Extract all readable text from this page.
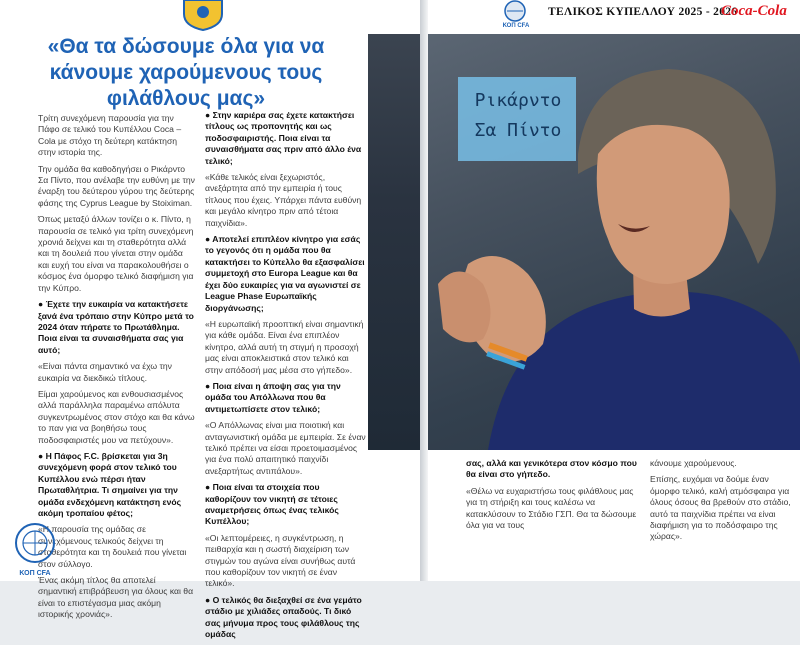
«Θα τα δώσουμε όλα για να κάνουμε χαρούμενους τους φιλάθλους μας»

Τρίτη συνεχόμενη παρουσία για την Πάφο σε τελικό του Κυπέλλου Coca – Cola με στόχο τη δεύτερη κατάκτηση στην ιστορία της.

Την ομάδα θα καθοδηγήσει ο Ρικάρντο Σα Πίντο, που ανέλαβε την ευθύνη με την έναρξη του δεύτερου γύρου της δεύτερης φάσης της Cyprus League by Stoiximan.

Όπως μεταξύ άλλων τονίζει ο κ. Πίντο, η παρουσία σε τελικό για τρίτη συνεχόμενη χρονιά δείχνει και τη σταθερότητα αλλά και τη δουλειά που γίνεται στην ομάδα και ευχή του είναι να παρακολουθήσει ο κόσμος ένα όμορφο τελικό διαφήμιση για την Κύπρο.

● Έχετε την ευκαιρία να κατακτήσετε ξανά ένα τρόπαιο στην Κύπρο μετά το 2024 όταν πήρατε το Πρωτάθλημα. Ποια είναι τα συναισθήματα σας για αυτό;

«Είναι πάντα σημαντικό να έχω την ευκαιρία να διεκδικώ τίτλους.

Είμαι χαρούμενος και ενθουσιασμένος αλλά παράλληλα παραμένω απόλυτα συγκεντρωμένος στον στόχο και θα κάνω το παν για να βοηθήσω τους ποδοσφαιριστές μου να πετύχουν».

● Η Πάφος F.C. βρίσκεται για 3η συνεχόμενη φορά στον τελικό του Κυπέλλου ενώ πέρσι ήταν Πρωταθλήτρια. Τι σημαίνει για την ομάδα ενδεχόμενη κατάκτηση ενός ακόμη τροπαίου φέτος;

«Η παρουσία της ομάδας σε συνεχόμενους τελικούς δείχνει τη σταθερότητα και τη δουλειά που γίνεται στον σύλλογο.

Ένας ακόμη τίτλος θα αποτελεί σημαντική επιβράβευση για όλους και θα είναι το επιστέγασμα μιας ακόμη ιστορικής χρονιάς».

● Στην καριέρα σας έχετε κατακτήσει τίτλους ως προπονητής και ως ποδοσφαιριστής. Ποια είναι τα συναισθήματα σας πριν από άλλο ένα τελικό;

«Κάθε τελικός είναι ξεχωριστός, ανεξάρτητα από την εμπειρία ή τους τίτλους που έχεις. Υπάρχει πάντα ευθύνη και μεγάλο κίνητρο πριν από τέτοια παιχνίδια».

● Αποτελεί επιπλέον κίνητρο για εσάς το γεγονός ότι η ομάδα που θα κατακτήσει το Κύπελλο θα εξασφαλίσει συμμετοχή στο Europa League και θα έχει δύο ευκαιρίες για να αγωνιστεί σε League Phase Ευρωπαϊκής διοργάνωσης;

«Η ευρωπαϊκή προοπτική είναι σημαντική για κάθε ομάδα. Είναι ένα επιπλέον κίνητρο, αλλά αυτή τη στιγμή η προσοχή μας είναι αποκλειστικά στον τελικό και στην απόδοσή μας μέσα στο γήπεδο».

● Ποια είναι η άποψη σας για την ομάδα του Απόλλωνα που θα αντιμετωπίσετε στον τελικό;

«Ο Απόλλωνας είναι μια ποιοτική και ανταγωνιστική ομάδα με εμπειρία. Σε έναν τελικό πρέπει να είσαι προετοιμασμένος για ένα πολύ απαιτητικό παιχνίδι ανεξαρτήτως αντιπάλου».

● Ποια είναι τα στοιχεία που καθορίζουν τον νικητή σε τέτοιες αναμετρήσεις όπως ένας τελικός Κυπέλλου;

«Οι λεπτομέρειες, η συγκέντρωση, η πειθαρχία και η σωστή διαχείριση των στιγμών του αγώνα είναι συνήθως αυτά που καθορίζουν τον νικητή σε έναν τελικό».

● Ο τελικός θα διεξαχθεί σε ένα γεμάτο στάδιο με χιλιάδες οπαδούς. Τι δικό σας μήνυμα προς τους φιλάθλους της ομάδας

ΚΟΠ CFA
ΚΟΠ CFA
ΤΕΛΙΚΟΣ ΚΥΠΕΛΛΟΥ 2025 - 2026
Coca-Cola
Ρικάρντο
Σα Πίντο

σας, αλλά και γενικότερα στον κόσμο που θα είναι στο γήπεδο.

«Θέλω να ευχαριστήσω τους φιλάθλους μας για τη στήριξη και τους καλέσω να κατακλύσουν το Στάδιο ΓΣΠ. Θα τα δώσουμε όλα για να τους

κάνουμε χαρούμενους.

Επίσης, ευχόμαι να δούμε έναν όμορφο τελικό, καλή ατμόσφαιρα για όλους όσους θα βρεθούν στο στάδιο, αυτό τα παιχνίδια πρέπει να είναι διαφήμιση για το ποδόσφαιρο της χώρας».
